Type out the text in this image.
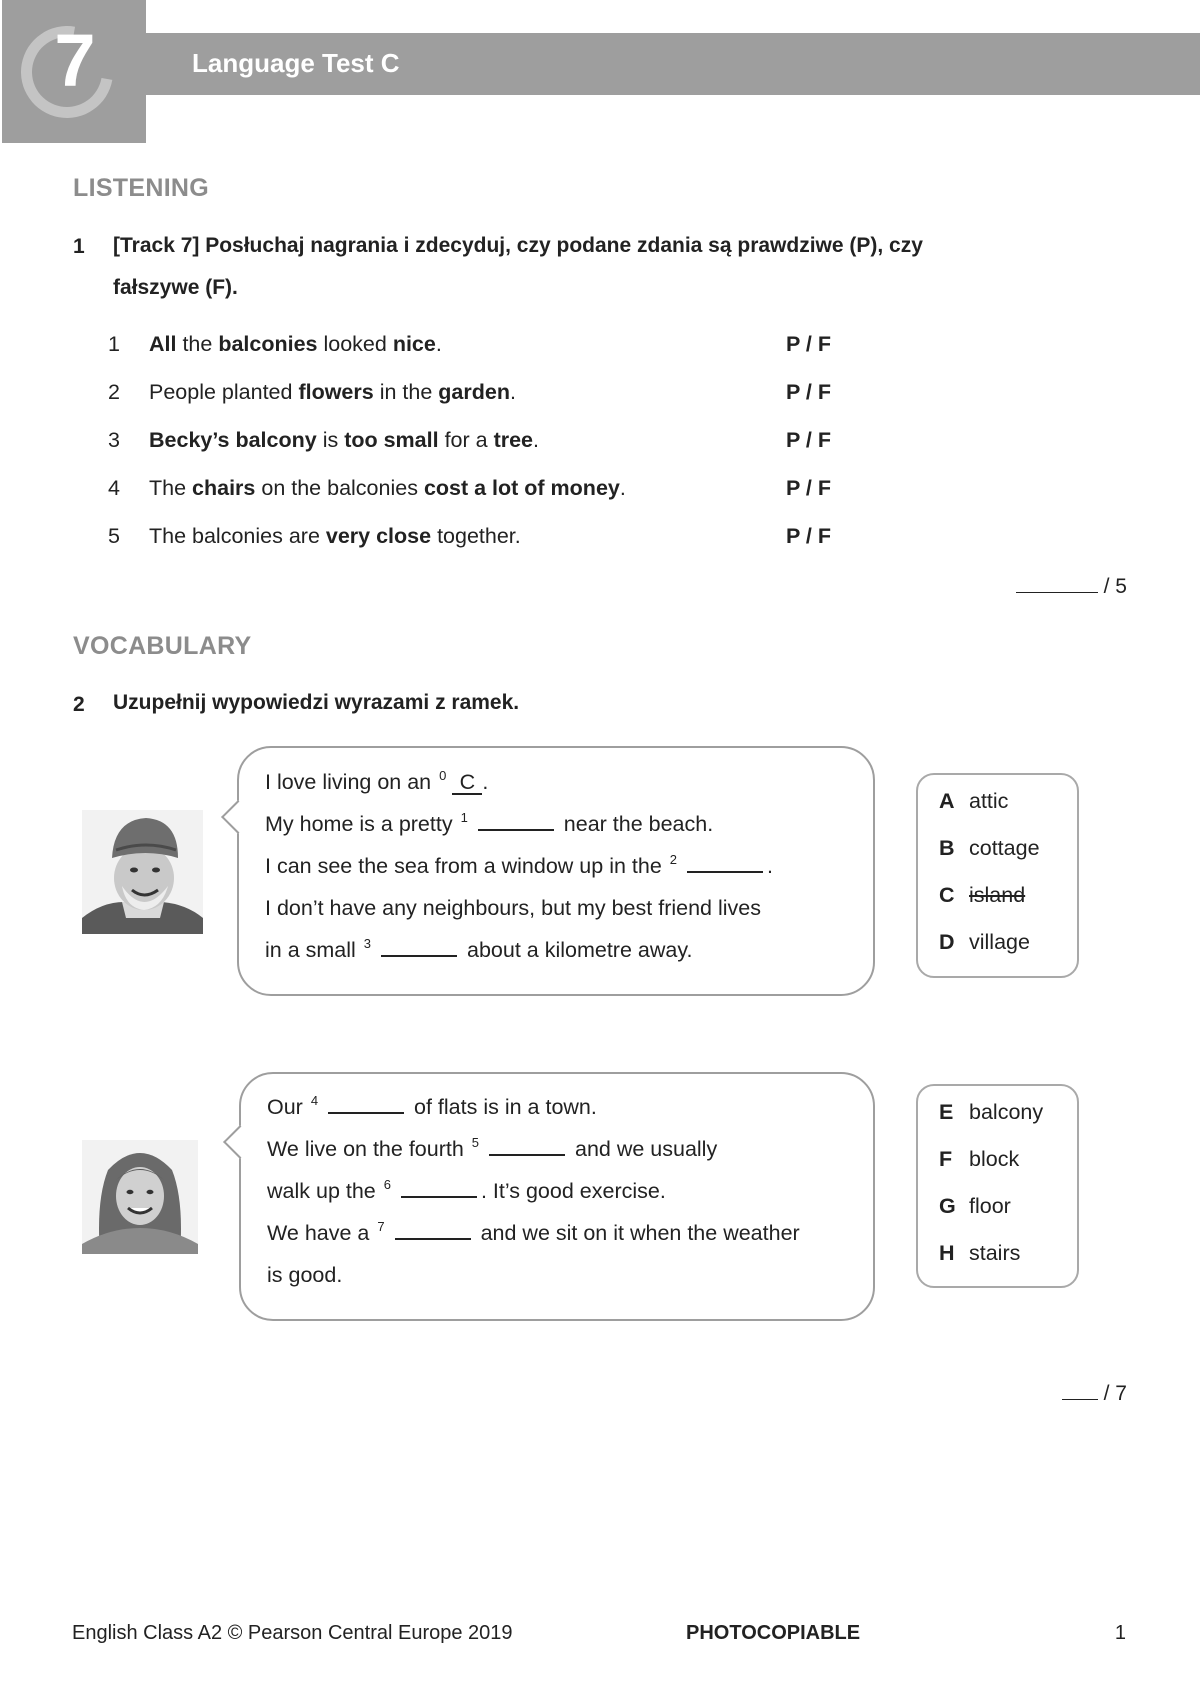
7	Language Test C
LISTENING
1 [Track 7] Posłuchaj nagrania i zdecyduj, czy podane zdania są prawdziwe (P), czy
fałszywe (F).
1	All the balconies looked nice.	P / F
2	People planted flowers in the garden.	P / F
3	Becky’s balcony is too small for a tree.	P / F
4	The chairs on the balconies cost a lot of money.	P / F
5	The balconies are very close together.	P / F
/ 5
VOCABULARY
2 Uzupełnij wypowiedzi wyrazami z ramek.
I love living on an $^0$ C .
My home is a pretty $^1$	near the beach.
I can see the sea from a window up in the $^2$	.
I don’t have any neighbours, but my best friend lives
in a small $^3$	about a kilometre away.
A attic
B cottage
C island
D village
Our $^4$	of flats is in a town.
We live on the fourth $^5$	and we usually
walk up the $^6$	. It’s good exercise.
We have a $^7$	and we sit on it when the weather
is good.
E balcony
F block
G floor
H stairs
/ 7
English Class A2 © Pearson Central Europe 2019	PHOTOCOPIABLE	1
